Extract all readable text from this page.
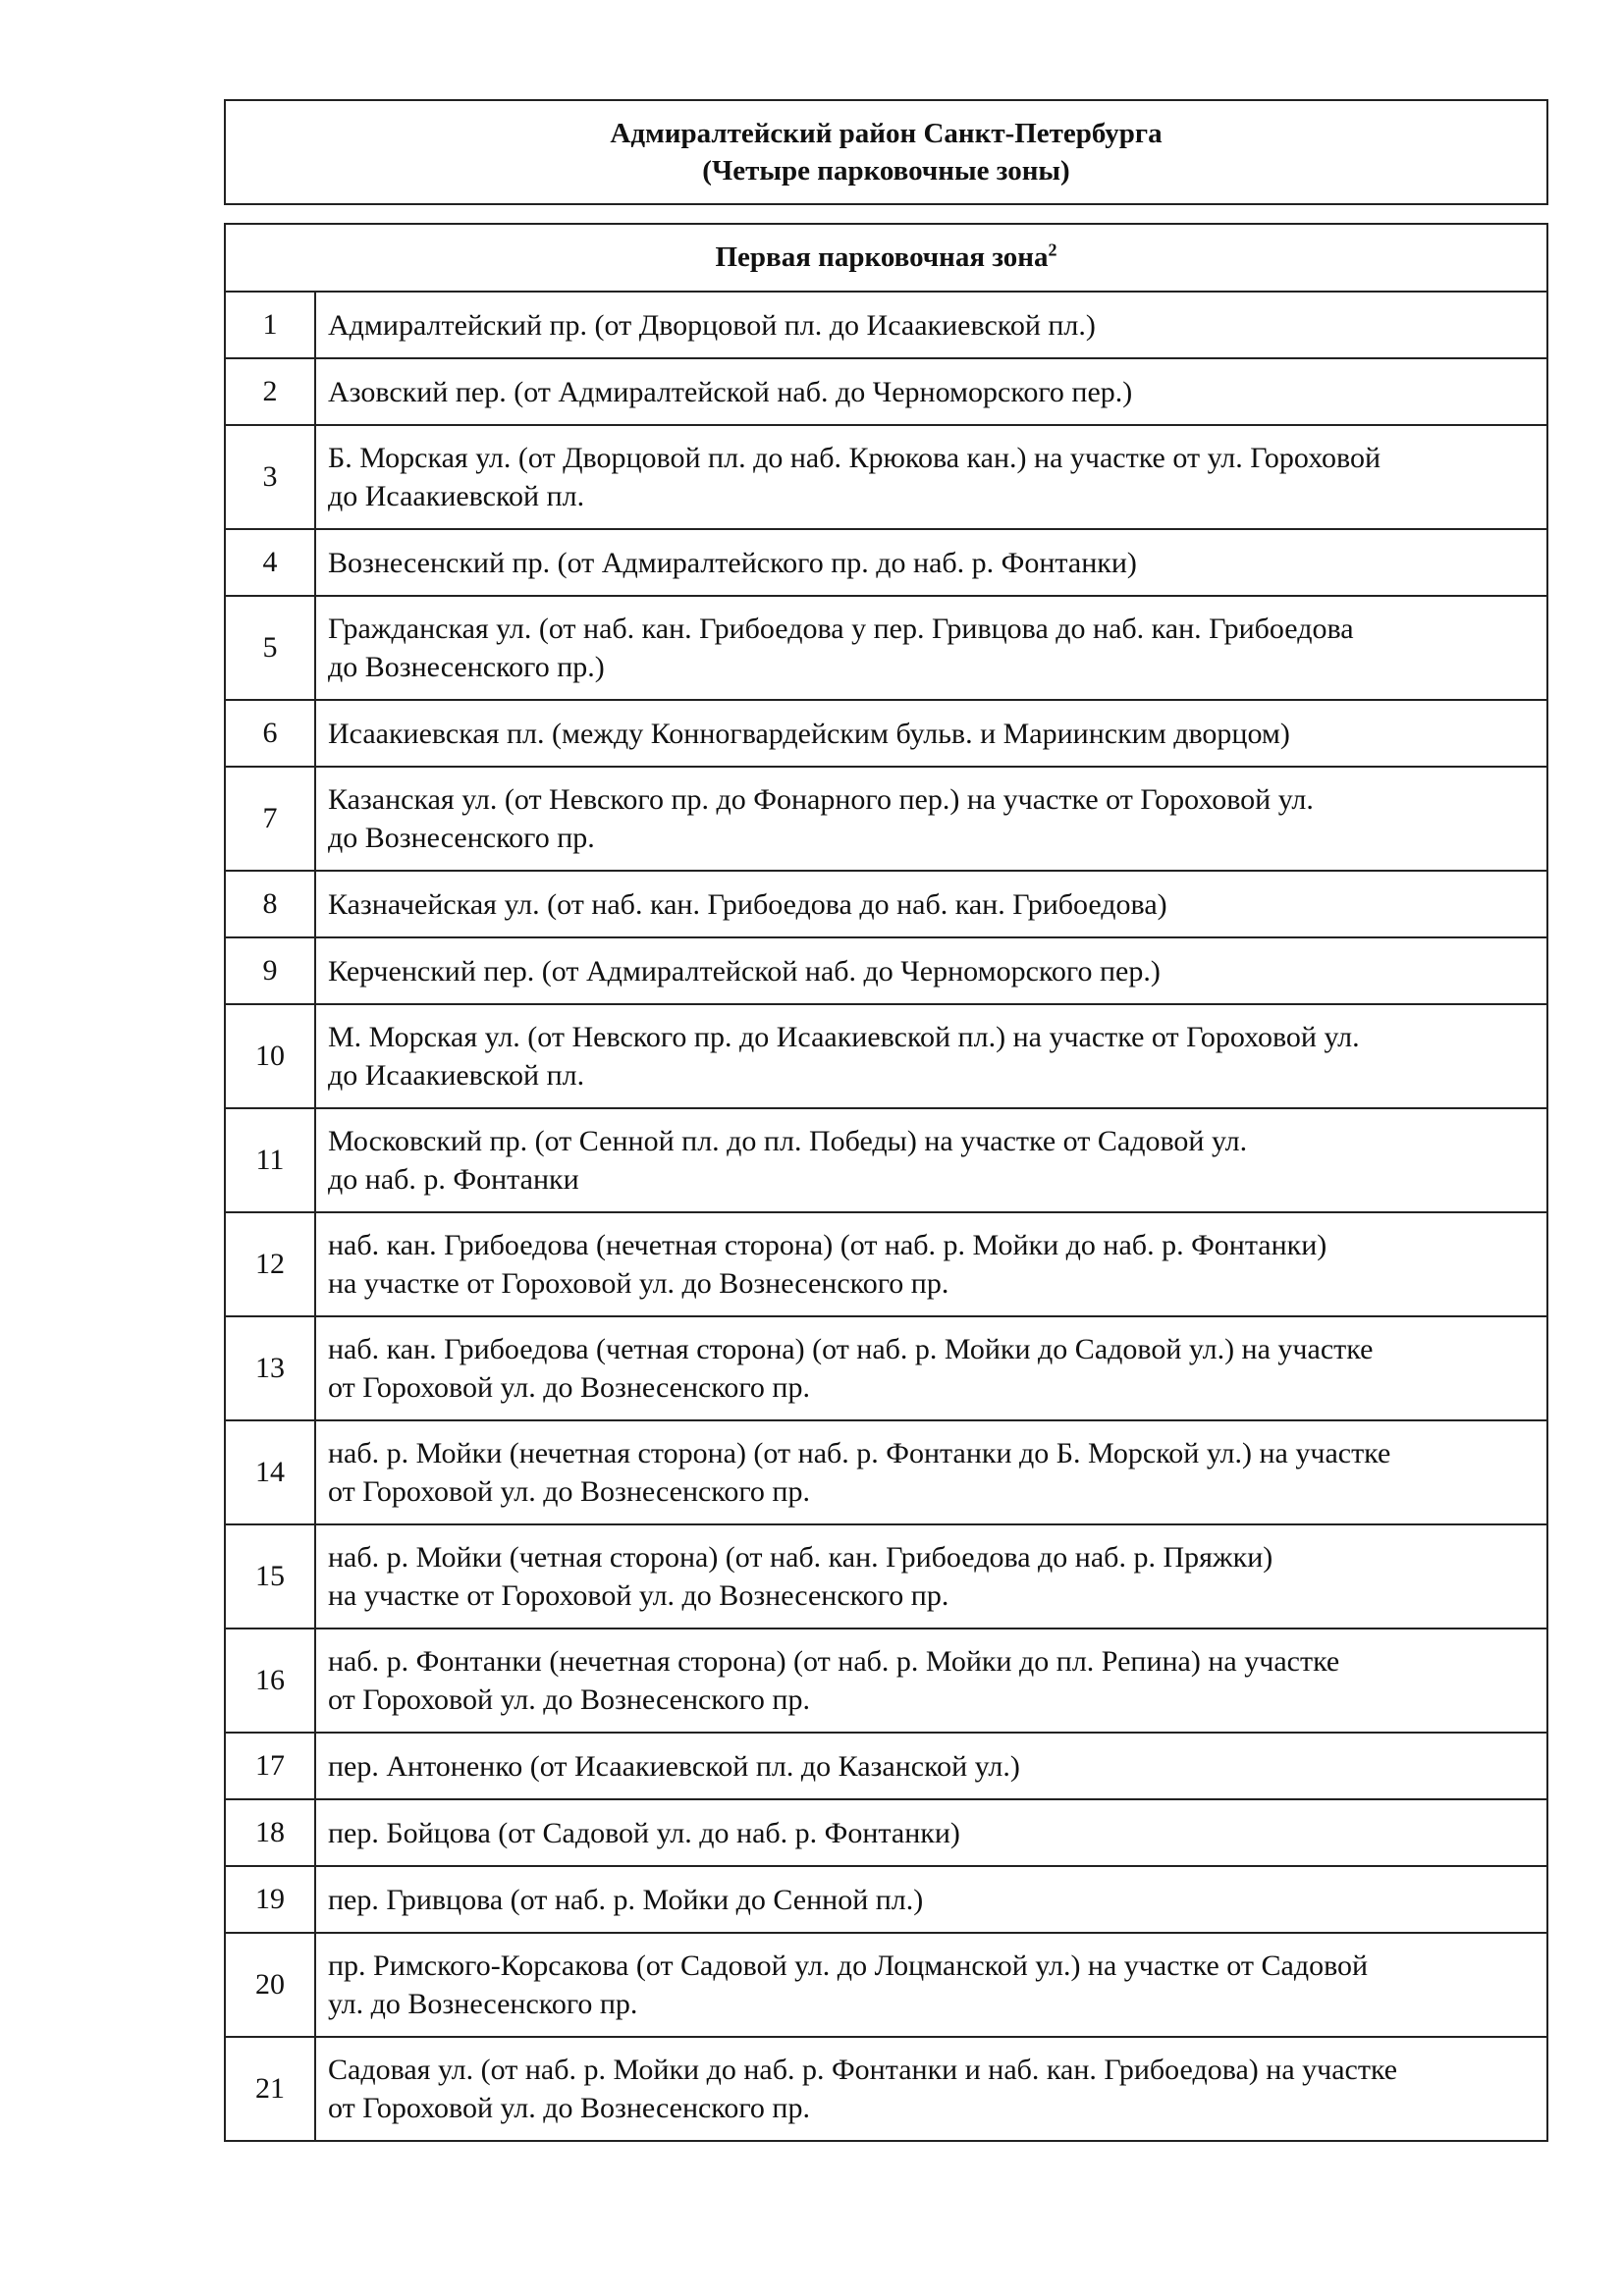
Адмиралтейский район Санкт-Петербурга
(Четыре парковочные зоны)
Первая парковочная зона$^2$
1	Адмиралтейский пр. (от Дворцовой пл. до Исаакиевской пл.)
2	Азовский пер. (от Адмиралтейской наб. до Черноморского пер.)
3	Б. Морская ул. (от Дворцовой пл. до наб. Крюкова кан.) на участке от ул. Гороховой
до Исаакиевской пл.
4	Вознесенский пр. (от Адмиралтейского пр. до наб. р. Фонтанки)
5	Гражданская ул. (от наб. кан. Грибоедова у пер. Гривцова до наб. кан. Грибоедова
до Вознесенского пр.)
6	Исаакиевская пл. (между Конногвардейским бульв. и Мариинским дворцом)
7	Казанская ул. (от Невского пр. до Фонарного пер.) на участке от Гороховой ул.
до Вознесенского пр.
8	Казначейская ул. (от наб. кан. Грибоедова до наб. кан. Грибоедова)
9	Керченский пер. (от Адмиралтейской наб. до Черноморского пер.)
10	М. Морская ул. (от Невского пр. до Исаакиевской пл.) на участке от Гороховой ул.
до Исаакиевской пл.
11	Московский пр. (от Сенной пл. до пл. Победы) на участке от Садовой ул.
до наб. р. Фонтанки
12	наб. кан. Грибоедова (нечетная сторона) (от наб. р. Мойки до наб. р. Фонтанки)
на участке от Гороховой ул. до Вознесенского пр.
13	наб. кан. Грибоедова (четная сторона) (от наб. р. Мойки до Садовой ул.) на участке
от Гороховой ул. до Вознесенского пр.
14	наб. р. Мойки (нечетная сторона) (от наб. р. Фонтанки до Б. Морской ул.) на участке
от Гороховой ул. до Вознесенского пр.
15	наб. р. Мойки (четная сторона) (от наб. кан. Грибоедова до наб. р. Пряжки)
на участке от Гороховой ул. до Вознесенского пр.
16	наб. р. Фонтанки (нечетная сторона) (от наб. р. Мойки до пл. Репина) на участке
от Гороховой ул. до Вознесенского пр.
17	пер. Антоненко (от Исаакиевской пл. до Казанской ул.)
18	пер. Бойцова (от Садовой ул. до наб. р. Фонтанки)
19	пер. Гривцова (от наб. р. Мойки до Сенной пл.)
20	пр. Римского-Корсакова (от Садовой ул. до Лоцманской ул.) на участке от Садовой
ул. до Вознесенского пр.
21	Садовая ул. (от наб. р. Мойки до наб. р. Фонтанки и наб. кан. Грибоедова) на участке
от Гороховой ул. до Вознесенского пр.
